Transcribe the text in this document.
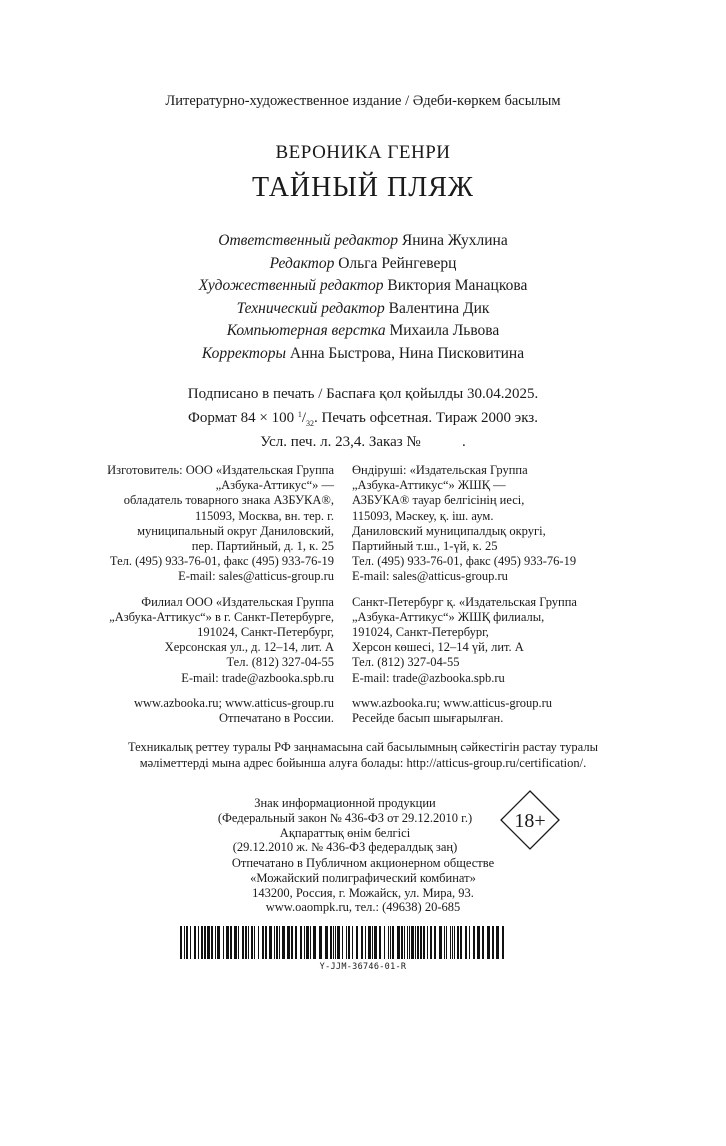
Литературно-художественное издание / Әдеби-көркем басылым
ВЕРОНИКА ГЕНРИ
ТАЙНЫЙ ПЛЯЖ
Ответственный редактор Янина Жухлина
Редактор Ольга Рейнгеверц
Художественный редактор Виктория Манацкова
Технический редактор Валентина Дик
Компьютерная верстка Михаила Львова
Корректоры Анна Быстрова, Нина Писковитина
Подписано в печать / Баспаға қол қойылды 30.04.2025.
Формат 84 × 100 $^1/_{32}$. Печать офсетная. Тираж 2000 экз.
Усл. печ. л. 23,4. Заказ №           .
Изготовитель: ООО «Издательская Группа
„Азбука-Аттикус“» —
обладатель товарного знака АЗБУКА®,
115093, Москва, вн. тер. г.
муниципальный округ Даниловский,
пер. Партийный, д. 1, к. 25
Тел. (495) 933-76-01, факс (495) 933-76-19
E-mail: sales@atticus-group.ru
Филиал ООО «Издательская Группа
„Азбука-Аттикус“» в г. Санкт-Петербурге,
191024, Санкт-Петербург,
Херсонская ул., д. 12–14, лит. А
Тел. (812) 327-04-55
E-mail: trade@azbooka.spb.ru
www.azbooka.ru; www.atticus-group.ru
Отпечатано в России.
Өндіруші: «Издательская Группа
„Азбука-Аттикус“» ЖШҚ —
АЗБУКА® тауар белгісінің иесі,
115093, Мәскеу, қ. іш. аум.
Даниловский муниципалдық округі,
Партийный т.ш., 1-үй, к. 25
Тел. (495) 933-76-01, факс (495) 933-76-19
E-mail: sales@atticus-group.ru
Санкт-Петербург қ. «Издательская Группа
„Азбука-Аттикус“» ЖШҚ филиалы,
191024, Санкт-Петербург,
Херсон көшесі, 12–14 үй, лит. А
Тел. (812) 327-04-55
E-mail: trade@azbooka.spb.ru
www.azbooka.ru; www.atticus-group.ru
Ресейде басып шығарылған.
Техникалық реттеу туралы РФ заңнамасына сай басылымның сәйкестігін растау туралы
мәліметтерді мына адрес бойынша алуға болады: http://atticus-group.ru/certification/.
Знак информационной продукции
(Федеральный закон № 436-ФЗ от 29.12.2010 г.)
Ақпараттық өнім белгісі
(29.12.2010 ж. № 436-ФЗ федералдық заң)
18+
Отпечатано в Публичном акционерном обществе
«Можайский полиграфический комбинат»
143200, Россия, г. Можайск, ул. Мира, 93.
www.oaompk.ru, тел.: (49638) 20-685
Y-JJM-36746-01-R
